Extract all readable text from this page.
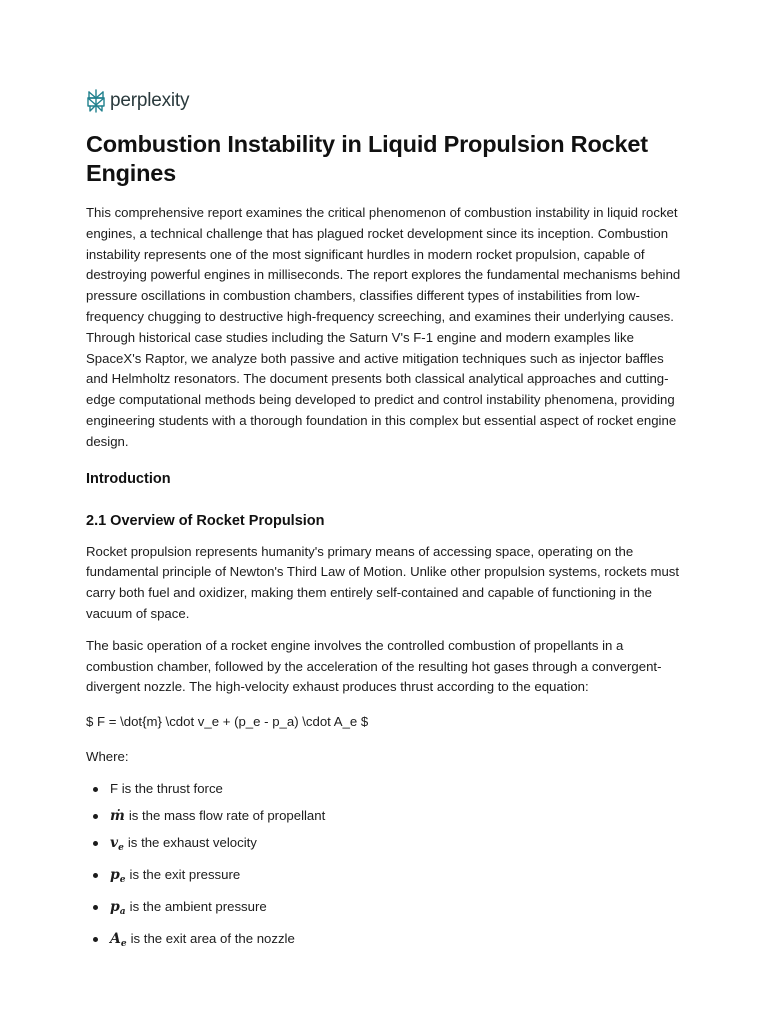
perplexity
Combustion Instability in Liquid Propulsion Rocket Engines

This comprehensive report examines the critical phenomenon of combustion instability in liquid rocket engines, a technical challenge that has plagued rocket development since its inception. Combustion instability represents one of the most significant hurdles in modern rocket propulsion, capable of destroying powerful engines in milliseconds. The report explores the fundamental mechanisms behind pressure oscillations in combustion chambers, classifies different types of instabilities from low-frequency chugging to destructive high-frequency screeching, and examines their underlying causes. Through historical case studies including the Saturn V's F-1 engine and modern examples like SpaceX's Raptor, we analyze both passive and active mitigation techniques such as injector baffles and Helmholtz resonators. The document presents both classical analytical approaches and cutting-edge computational methods being developed to predict and control instability phenomena, providing engineering students with a thorough foundation in this complex but essential aspect of rocket engine design.

Introduction
2.1 Overview of Rocket Propulsion

Rocket propulsion represents humanity's primary means of accessing space, operating on the fundamental principle of Newton's Third Law of Motion. Unlike other propulsion systems, rockets must carry both fuel and oxidizer, making them entirely self-contained and capable of functioning in the vacuum of space.

The basic operation of a rocket engine involves the controlled combustion of propellants in a combustion chamber, followed by the acceleration of the resulting hot gases through a convergent-divergent nozzle. The high-velocity exhaust produces thrust according to the equation:

$ F = \dot{m} \cdot v_e + (p_e - p_a) \cdot A_e $

Where:

F is the thrust force
ṁ is the mass flow rate of propellant
$v_e$ is the exhaust velocity
$p_e$ is the exit pressure
$p_a$ is the ambient pressure
$A_e$ is the exit area of the nozzle
